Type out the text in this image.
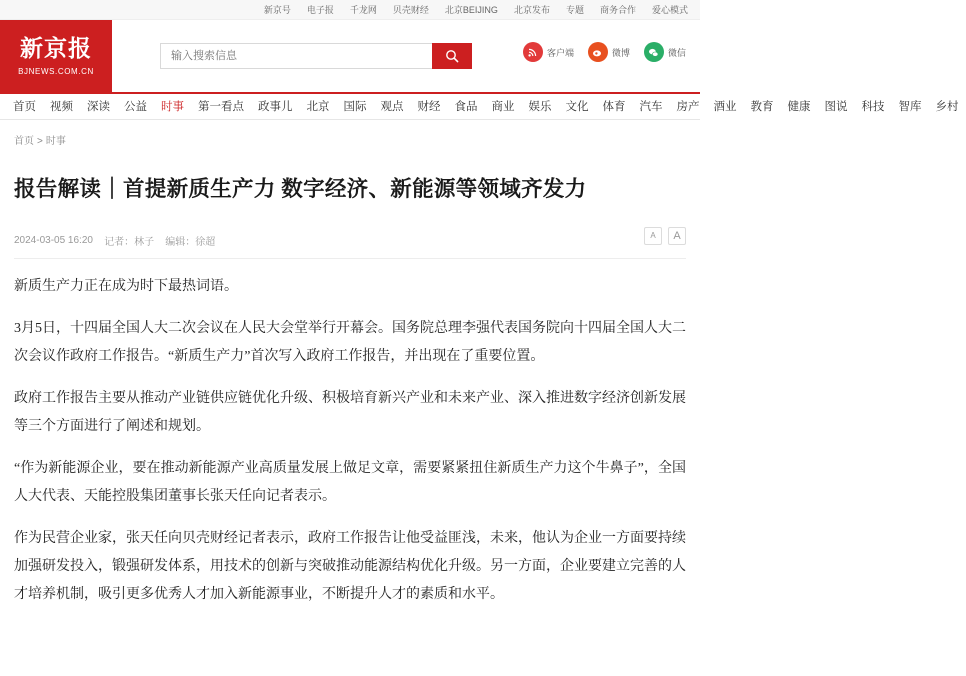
新京号 电子报 千龙网 贝壳财经 北京BEIJING 北京发布 专题 商务合作 爱心模式
新京报
BJNEWS.COM.CN
输入搜索信息
客户端	微博	微信
首页	视频	深读	公益	时事	第一看点	政事儿	北京	国际	观点	财经	食品	商业	娱乐	文化	体育	汽车	房产	酒业	教育	健康	图说	科技	智库	乡村
首页 > 时事
报告解读｜首提新质生产力 数字经济、新能源等领域齐发力
2024-03-05 16:20
记者：林子
编辑：徐超
A A

新质生产力正在成为时下最热词语。

3月5日，十四届全国人大二次会议在人民大会堂举行开幕会。国务院总理李强代表国务院向十四届全国人大二次会议作政府工作报告。“新质生产力”首次写入政府工作报告，并出现在了重要位置。

政府工作报告主要从推动产业链供应链优化升级、积极培育新兴产业和未来产业、深入推进数字经济创新发展等三个方面进行了阐述和规划。

“作为新能源企业，要在推动新能源产业高质量发展上做足文章，需要紧紧扭住新质生产力这个牛鼻子”，全国人大代表、天能控股集团董事长张天任向记者表示。

作为民营企业家，张天任向贝壳财经记者表示，政府工作报告让他受益匪浅，未来，他认为企业一方面要持续加强研发投入，锻强研发体系，用技术的创新与突破推动能源结构优化升级。另一方面，企业要建立完善的人才培养机制，吸引更多优秀人才加入新能源事业，不断提升人才的素质和水平。
